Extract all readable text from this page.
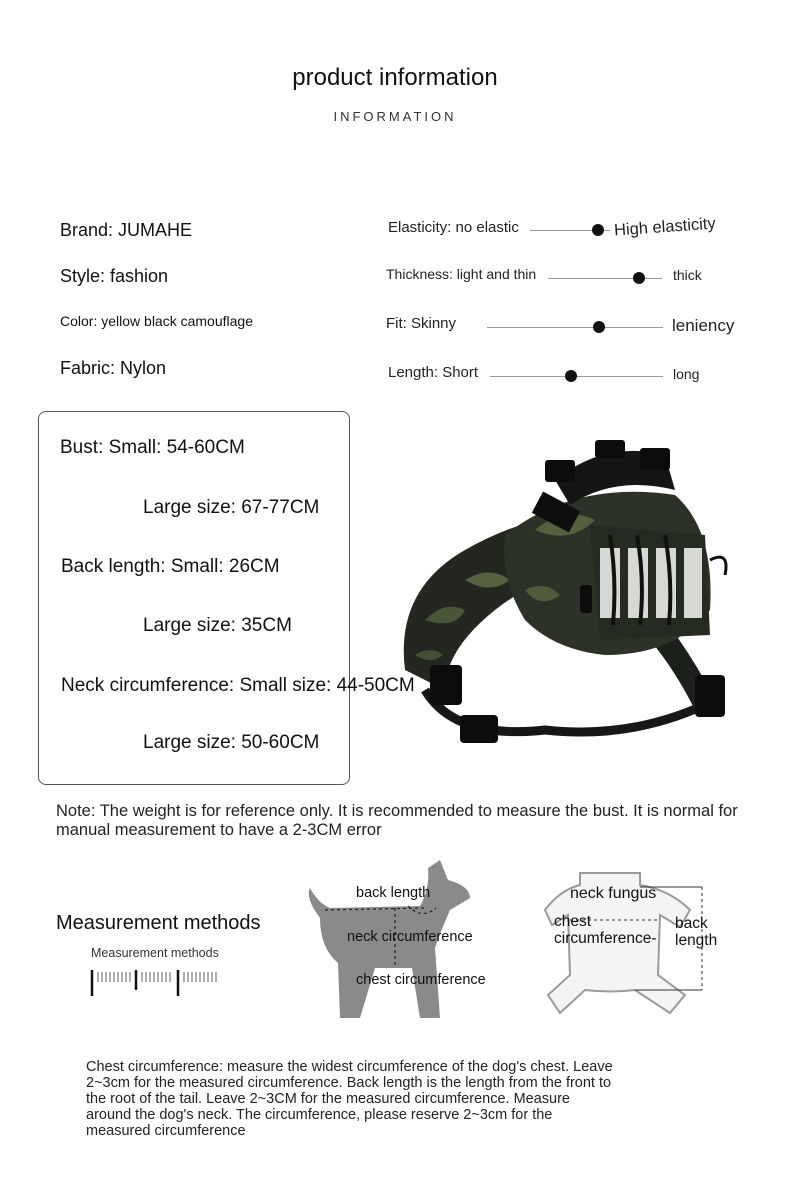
product information
INFORMATION
Brand: JUMAHE
Style: fashion
Color: yellow black camouflage
Fabric: Nylon
Elasticity: no elastic	High elasticity
Thickness: light and thin	thick
Fit: Skinny	leniency
Length: Short	long
Bust: Small: 54-60CM
Large size: 67-77CM
Back length: Small: 26CM
Large size: 35CM
Neck circumference: Small size: 44-50CM
Large size: 50-60CM
Note: The weight is for reference only. It is recommended to measure the bust. It is normal for manual measurement to have a 2-3CM error
Measurement methods
Measurement methods
back length
neck circumference
chest circumference
neck fungus
chest
circumference-
back
length
Chest circumference: measure the widest circumference of the dog's chest. Leave 2~3cm for the measured circumference. Back length is the length from the front to the root of the tail. Leave 2~3CM for the measured circumference. Measure around the dog's neck. The circumference, please reserve 2~3cm for the measured circumference
